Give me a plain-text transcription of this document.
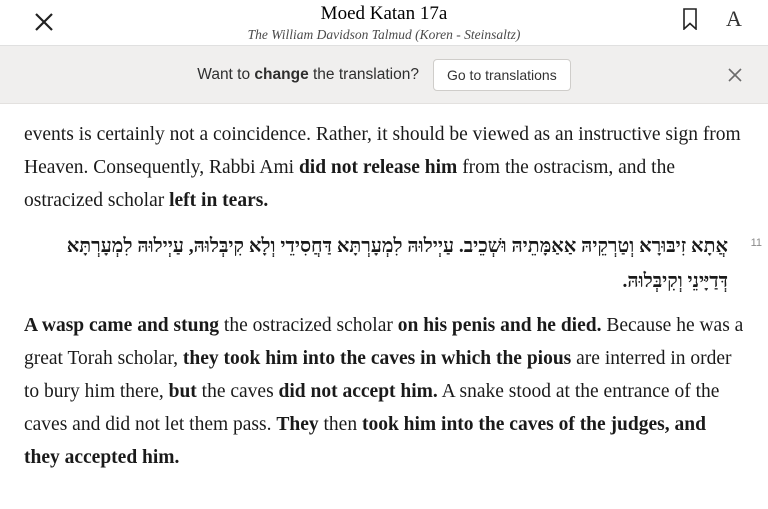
Moed Katan 17a
The William Davidson Talmud (Koren - Steinsaltz)
A
Want to change the translation?	Go to translations

events is certainly not a coincidence. Rather, it should be viewed as an instructive sign from Heaven. Consequently, Rabbi Ami did not release him from the ostracism, and the ostracized scholar left in tears.

11

אֲתָא זִיבּוּרָא וְטַרְקֵיהּ אַאַמָּתֵיהּ וּשְׁכֵיב. עַיְילוּהּ לִמְעָרְתָּא דַּחֲסִידֵי וְלָא קִיבְּלוּהּ, עַיְילוּהּ לִמְעָרְתָּא דְּדַיָּינֵי וְקִיבְּלוּהּ.

A wasp came and stung the ostracized scholar on his penis and he died. Because he was a great Torah scholar, they took him into the caves in which the pious are interred in order to bury him there, but the caves did not accept him. A snake stood at the entrance of the caves and did not let them pass. They then took him into the caves of the judges, and they accepted him.
